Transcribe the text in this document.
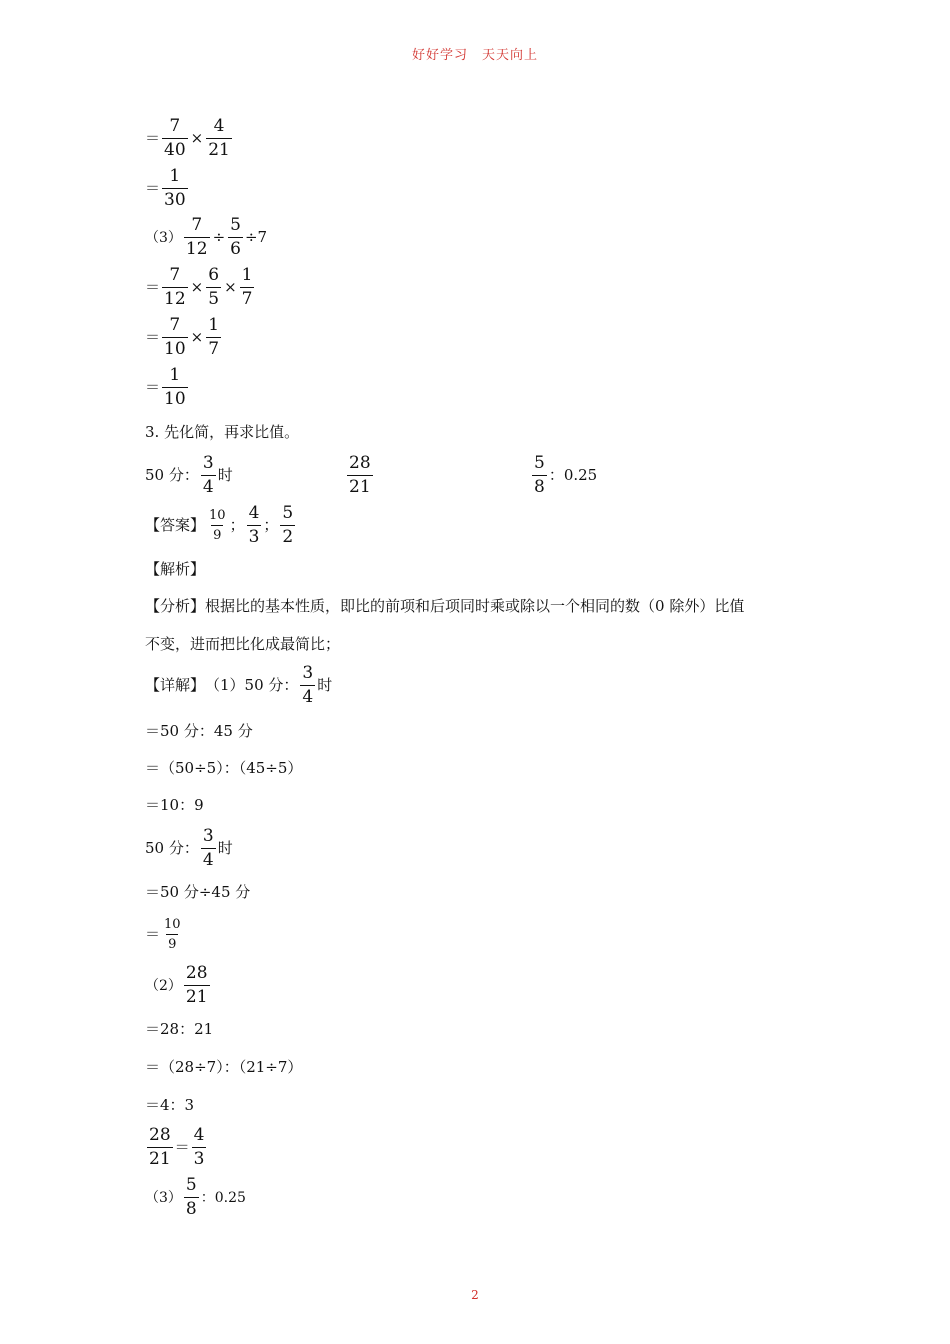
好好学习　天天向上
＝ $\frac{7}{40} \times \frac{4}{21}$
＝ $\frac{1}{30}$
$(3) \frac{7}{12} \div \frac{5}{6} \div 7$
＝ $\frac{7}{12} \times \frac{6}{5} \times \frac{1}{7}$
＝ $\frac{7}{10} \times \frac{1}{7}$
＝ $\frac{1}{10}$
3. 先化简，再求比值。
50 分： $\frac{3}{4}$ 时	$\frac{28}{21}$	$\frac{5}{8}$ ：0.25
【答案】 $\frac{10}{9}$ ； $\frac{4}{3}$ ； $\frac{5}{2}$
【解析】
【分析】 根据比的基本性质，即比的前项和后项同时乘或除以一个相同的数（0 除外）比值
不变，进而把比化成最简比；
【详解】 （1）50 分： $\frac{3}{4}$ 时
＝50 分：45 分
＝（50÷5）：（45÷5）
＝10：9
50 分： $\frac{3}{4}$ 时
＝50 分÷45 分
＝ $\frac{10}{9}$
$(2) \frac{28}{21}$
＝28：21
＝（28÷7）：（21÷7）
＝4：3
$\frac{28}{21} = \frac{4}{3}$
$(3) \frac{5}{8}$ ：0.25
2
